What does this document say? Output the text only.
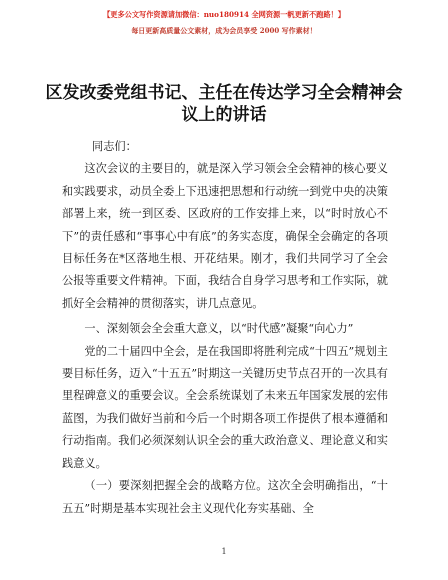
【更多公文写作资源请加微信：nuo180914 全网资源一帆更新不跑路！】
每日更新高质量公文素材，成为会员享受 2000 写作素材！
区发改委党组书记、主任在传达学习全会精神会议上的讲话

同志们：

这次会议的主要目的，就是深入学习领会全会精神的核心要义和实践要求，动员全委上下迅速把思想和行动统一到党中央的决策部署上来，统一到区委、区政府的工作安排上来，以“时时放心不下”的责任感和“事事心中有底”的务实态度，确保全会确定的各项目标任务在*区落地生根、开花结果。刚才，我们共同学习了全会公报等重要文件精神。下面，我结合自身学习思考和工作实际，就抓好全会精神的贯彻落实，讲几点意见。

一、深刻领会全会重大意义，以“时代感”凝聚“向心力”

党的二十届四中全会，是在我国即将胜利完成“十四五”规划主要目标任务，迈入“十五五”时期这一关键历史节点召开的一次具有里程碑意义的重要会议。全会系统谋划了未来五年国家发展的宏伟蓝图，为我们做好当前和今后一个时期各项工作提供了根本遵循和行动指南。我们必须深刻认识全会的重大政治意义、理论意义和实践意义。

（一）要深刻把握全会的战略方位。这次全会明确指出，“十五五”时期是基本实现社会主义现代化夯实基础、全

1
